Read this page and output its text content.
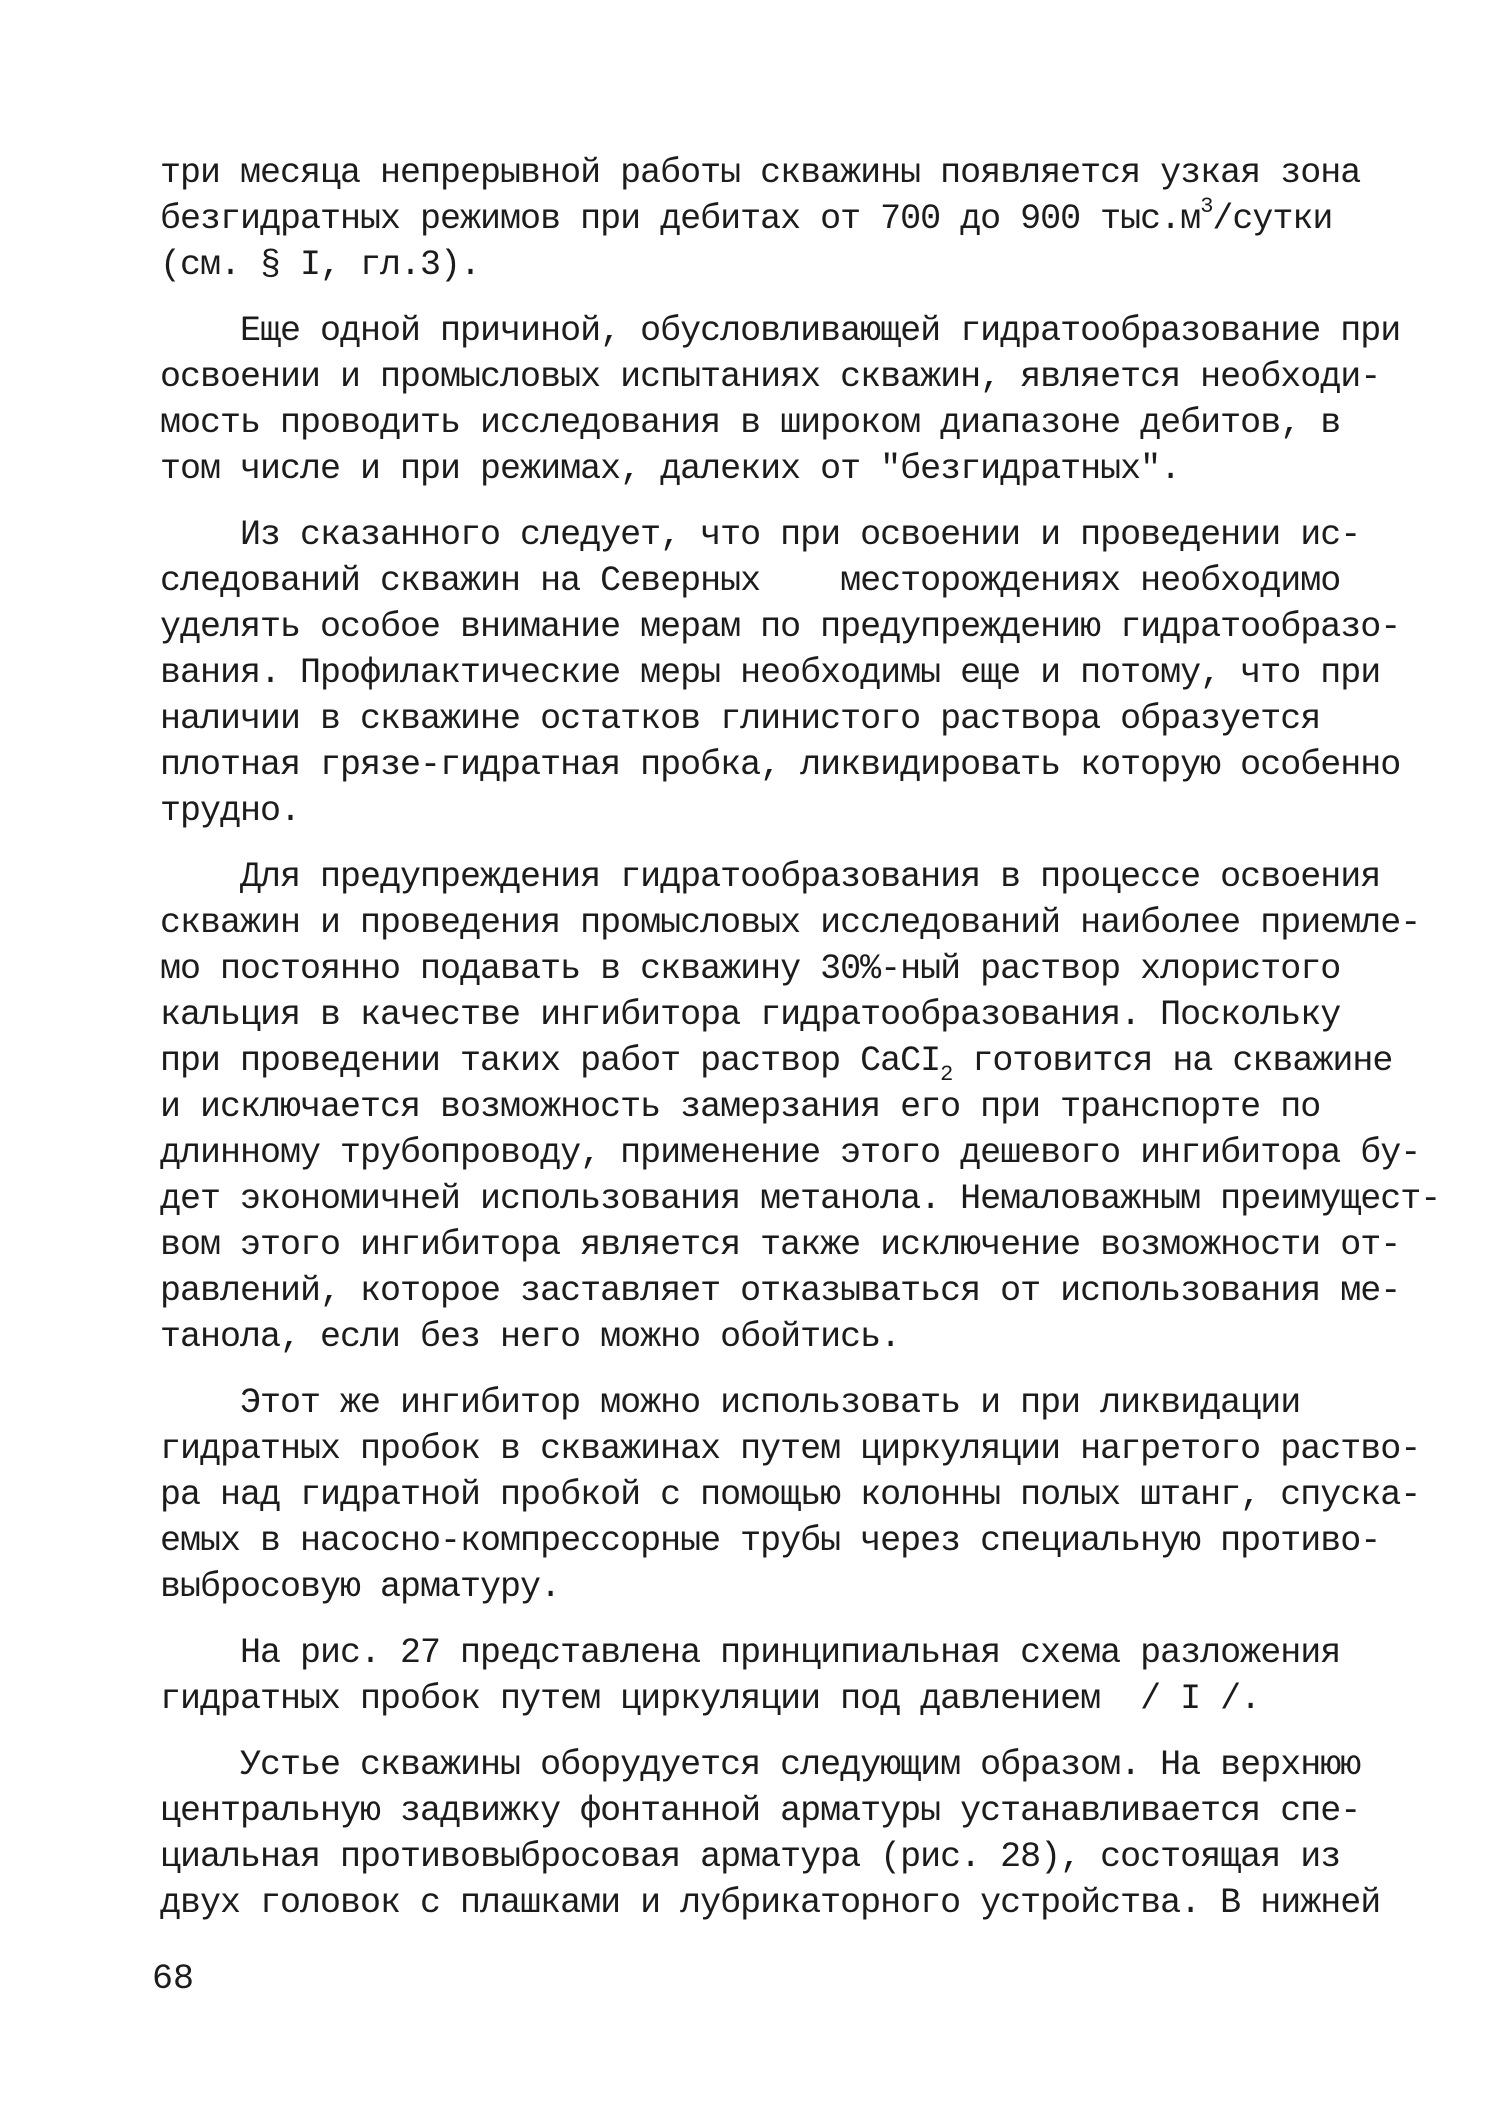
три месяца непрерывной работы скважины появляется узкая зона
безгидратных режимов при дебитах от 700 до 900 $тыс.м^3$/сутки
(см. § I, гл.3).
Еще одной причиной, обусловливающей гидратообразование при
освоении и промысловых испытаниях скважин, является необходи-
мость проводить исследования в широком диапазоне дебитов, в
том числе и при режимах, далеких от "безгидратных".
Из сказанного следует, что при освоении и проведении ис-
следований скважин на Северных    месторождениях необходимо
уделять особое внимание мерам по предупреждению гидратообразо-
вания. Профилактические меры необходимы еще и потому, что при
наличии в скважине остатков глинистого раствора образуется
плотная грязе-гидратная пробка, ликвидировать которую особенно
трудно.
Для предупреждения гидратообразования в процессе освоения
скважин и проведения промысловых исследований наиболее приемле-
мо постоянно подавать в скважину 30%-ный раствор хлористого
кальция в качестве ингибитора гидратообразования. Поскольку
при проведении таких работ раствор CaCI$_2$ готовится на скважине
и исключается возможность замерзания его при транспорте по
длинному трубопроводу, применение этого дешевого ингибитора бу-
дет экономичней использования метанола. Немаловажным преимущест-
вом этого ингибитора является также исключение возможности от-
равлений, которое заставляет отказываться от использования ме-
танола, если без него можно обойтись.
Этот же ингибитор можно использовать и при ликвидации
гидратных пробок в скважинах путем циркуляции нагретого раство-
ра над гидратной пробкой с помощью колонны полых штанг, спуска-
емых в насосно-компрессорные трубы через специальную противо-
выбросовую арматуру.
На рис. 27 представлена принципиальная схема разложения
гидратных пробок путем циркуляции под давлением  / I /.
Устье скважины оборудуется следующим образом. На верхнюю
центральную задвижку фонтанной арматуры устанавливается спе-
циальная противовыбросовая арматура (рис. 28), состоящая из
двух головок с плашками и лубрикаторного устройства. В нижней
68
